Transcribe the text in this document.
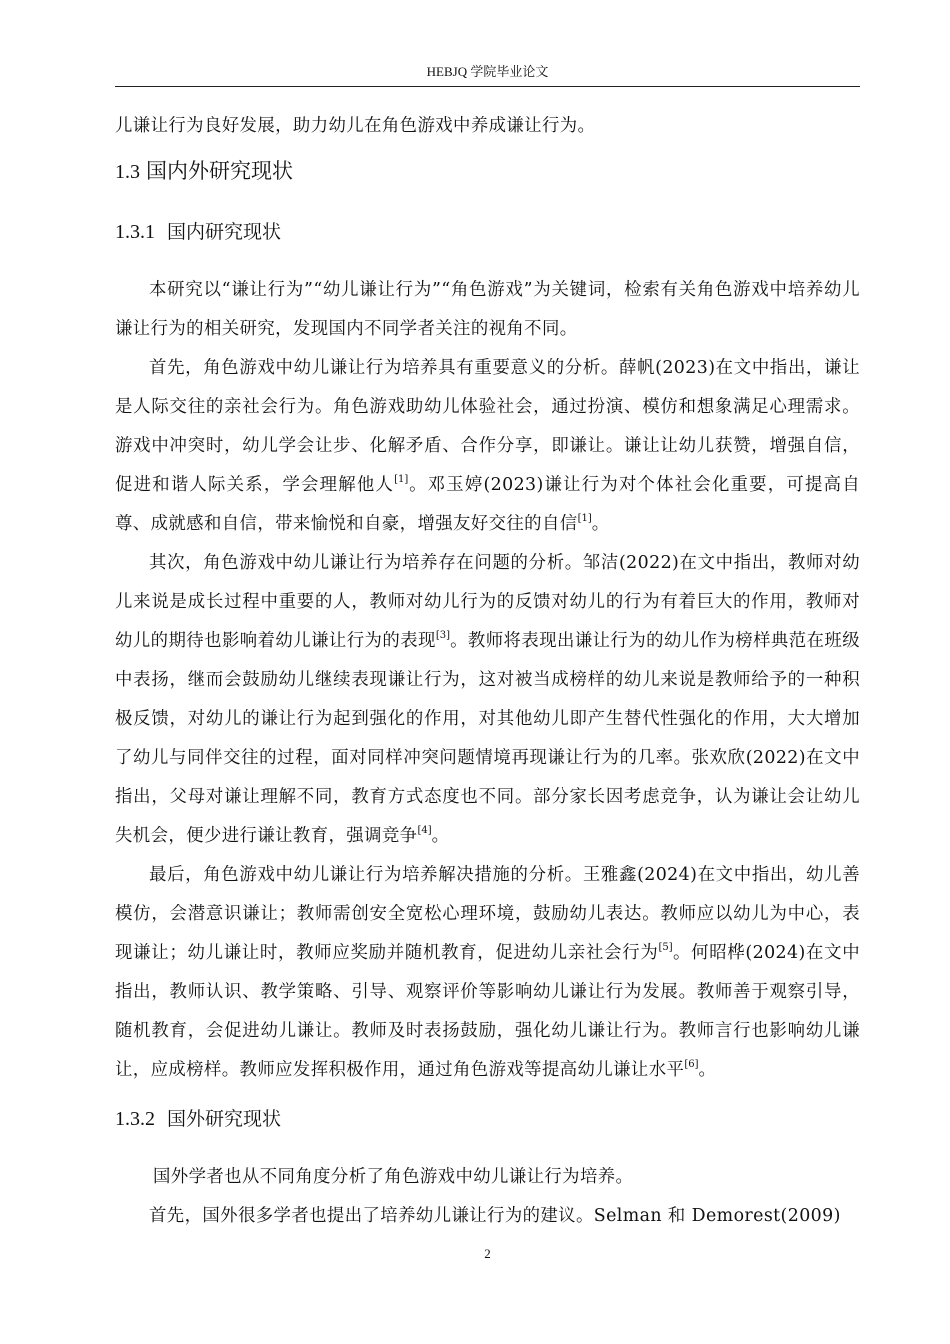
HEBJQ 学院毕业论文

儿谦让行为良好发展，助力幼儿在角色游戏中养成谦让行为。

1.3 国内外研究现状
1.3.1 国内研究现状

本研究以“谦让行为”“幼儿谦让行为”“角色游戏”为关键词，检索有关角色游戏中培养幼儿谦让行为的相关研究，发现国内不同学者关注的视角不同。

首先，角色游戏中幼儿谦让行为培养具有重要意义的分析。薛帆(2023)在文中指出，谦让是人际交往的亲社会行为。角色游戏助幼儿体验社会，通过扮演、模仿和想象满足心理需求。游戏中冲突时，幼儿学会让步、化解矛盾、合作分享，即谦让。谦让让幼儿获赞，增强自信，促进和谐人际关系，学会理解他人[1]。邓玉婷(2023)谦让行为对个体社会化重要，可提高自尊、成就感和自信，带来愉悦和自豪，增强友好交往的自信[1]。

其次，角色游戏中幼儿谦让行为培养存在问题的分析。邹洁(2022)在文中指出，教师对幼儿来说是成长过程中重要的人，教师对幼儿行为的反馈对幼儿的行为有着巨大的作用，教师对幼儿的期待也影响着幼儿谦让行为的表现[3]。教师将表现出谦让行为的幼儿作为榜样典范在班级中表扬，继而会鼓励幼儿继续表现谦让行为，这对被当成榜样的幼儿来说是教师给予的一种积极反馈，对幼儿的谦让行为起到强化的作用，对其他幼儿即产生替代性强化的作用，大大增加了幼儿与同伴交往的过程，面对同样冲突问题情境再现谦让行为的几率。张欢欣(2022)在文中指出，父母对谦让理解不同，教育方式态度也不同。部分家长因考虑竞争，认为谦让会让幼儿失机会，便少进行谦让教育，强调竞争[4]。

最后，角色游戏中幼儿谦让行为培养解决措施的分析。王雅鑫(2024)在文中指出，幼儿善模仿，会潜意识谦让；教师需创安全宽松心理环境，鼓励幼儿表达。教师应以幼儿为中心，表现谦让；幼儿谦让时，教师应奖励并随机教育，促进幼儿亲社会行为[5]。何昭桦(2024)在文中指出，教师认识、教学策略、引导、观察评价等影响幼儿谦让行为发展。教师善于观察引导，随机教育，会促进幼儿谦让。教师及时表扬鼓励，强化幼儿谦让行为。教师言行也影响幼儿谦让，应成榜样。教师应发挥积极作用，通过角色游戏等提高幼儿谦让水平[6]。

1.3.2 国外研究现状

国外学者也从不同角度分析了角色游戏中幼儿谦让行为培养。

首先，国外很多学者也提出了培养幼儿谦让行为的建议。Selman 和 Demorest(2009)

2
